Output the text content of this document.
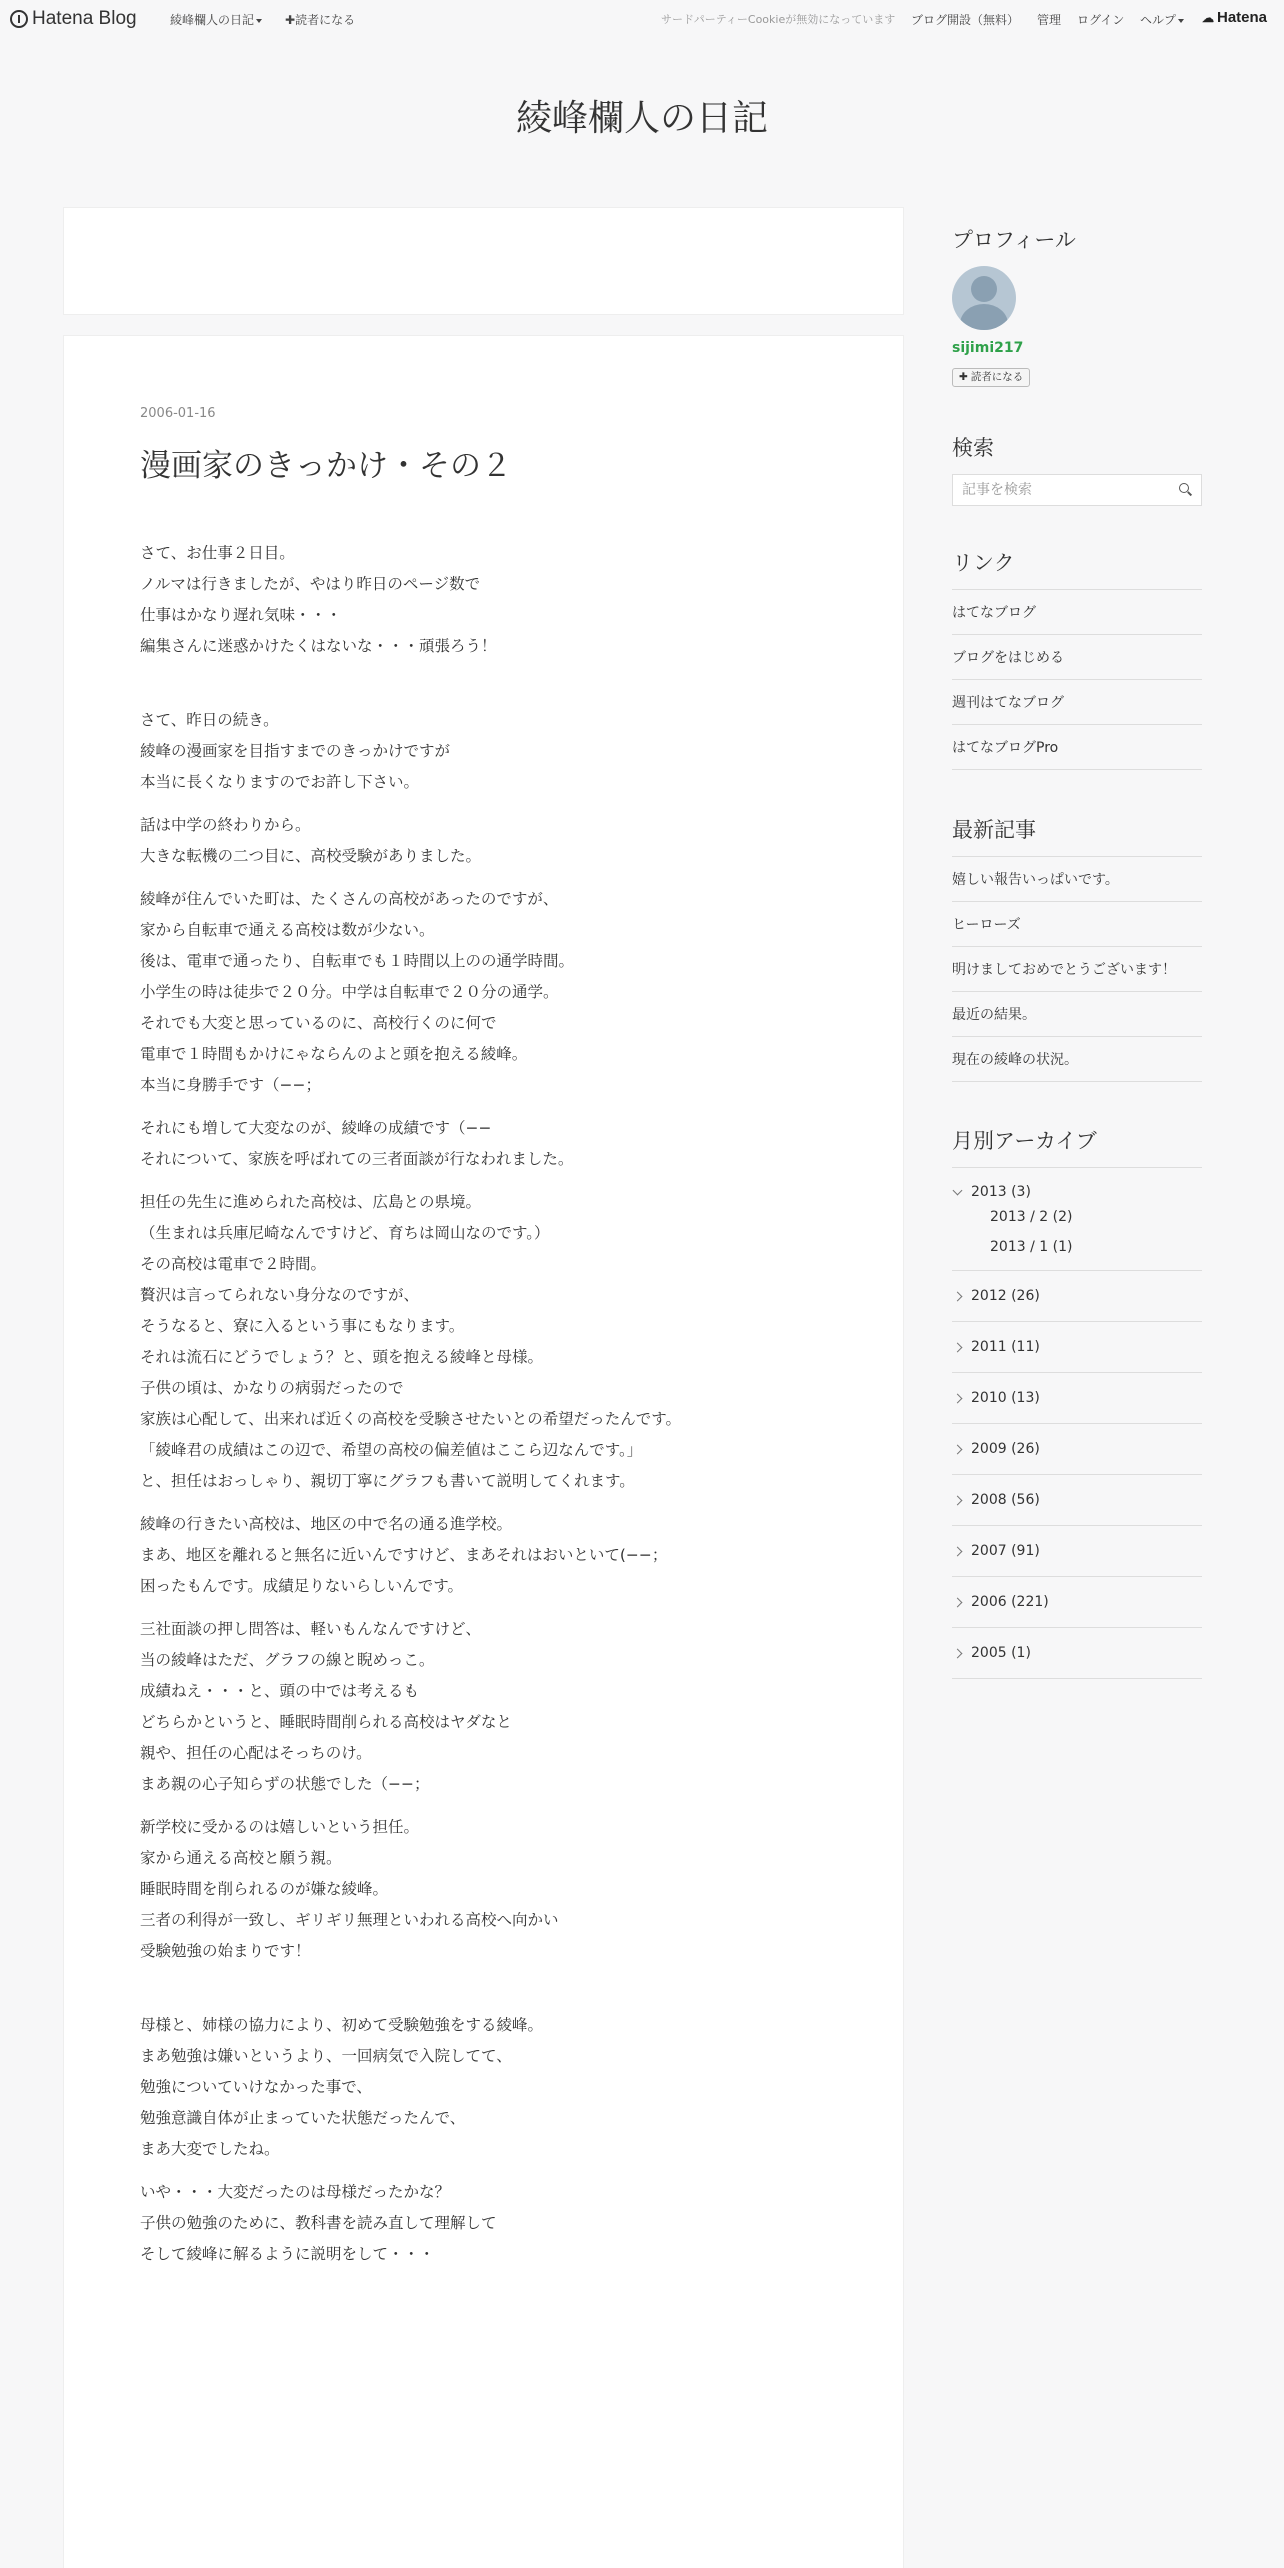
Hatena Blog	綾峰欄人の日記	✚読者になる	サードパーティーCookieが無効になっています ブログ開設（無料） 管理 ログイン ヘルプ	☁ Hatena
綾峰欄人の日記
2006-01-16
漫画家のきっかけ・その２
さて、お仕事２日目。
ノルマは行きましたが、やはり昨日のページ数で
仕事はかなり遅れ気味・・・
編集さんに迷惑かけたくはないな・・・頑張ろう！
さて、昨日の続き。
綾峰の漫画家を目指すまでのきっかけですが
本当に長くなりますのでお許し下さい。
話は中学の終わりから。
大きな転機の二つ目に、高校受験がありました。
綾峰が住んでいた町は、たくさんの高校があったのですが、
家から自転車で通える高校は数が少ない。
後は、電車で通ったり、自転車でも１時間以上のの通学時間。
小学生の時は徒歩で２０分。中学は自転車で２０分の通学。
それでも大変と思っているのに、高校行くのに何で
電車で１時間もかけにゃならんのよと頭を抱える綾峰。
本当に身勝手です（−−；
それにも増して大変なのが、綾峰の成績です（−−
それについて、家族を呼ばれての三者面談が行なわれました。
担任の先生に進められた高校は、広島との県境。
（生まれは兵庫尼崎なんですけど、育ちは岡山なのです。）
その高校は電車で２時間。
贅沢は言ってられない身分なのですが、
そうなると、寮に入るという事にもなります。
それは流石にどうでしょう？と、頭を抱える綾峰と母様。
子供の頃は、かなりの病弱だったので
家族は心配して、出来れば近くの高校を受験させたいとの希望だったんです。
「綾峰君の成績はこの辺で、希望の高校の偏差値はここら辺なんです。」
と、担任はおっしゃり、親切丁寧にグラフも書いて説明してくれます。
綾峰の行きたい高校は、地区の中で名の通る進学校。
まあ、地区を離れると無名に近いんですけど、まあそれはおいといて(−−；
困ったもんです。成績足りないらしいんです。
三社面談の押し問答は、軽いもんなんですけど、
当の綾峰はただ、グラフの線と睨めっこ。
成績ねえ・・・と、頭の中では考えるも
どちらかというと、睡眠時間削られる高校はヤダなと
親や、担任の心配はそっちのけ。
まあ親の心子知らずの状態でした（−−；
新学校に受かるのは嬉しいという担任。
家から通える高校と願う親。
睡眠時間を削られるのが嫌な綾峰。
三者の利得が一致し、ギリギリ無理といわれる高校へ向かい
受験勉強の始まりです！
母様と、姉様の協力により、初めて受験勉強をする綾峰。
まあ勉強は嫌いというより、一回病気で入院してて、
勉強についていけなかった事で、
勉強意識自体が止まっていた状態だったんで、
まあ大変でしたね。
いや・・・大変だったのは母様だったかな？
子供の勉強のために、教科書を読み直して理解して
そして綾峰に解るように説明をして・・・
プロフィール
sijimi217
✚ 読者になる
検索
記事を検索
リンク
はてなブログ
ブログをはじめる
週刊はてなブログ
はてなブログPro
最新記事
嬉しい報告いっぱいです。
ヒーローズ
明けましておめでとうございます！
最近の結果。
現在の綾峰の状況。
月別アーカイブ
2013 (3)
2013 / 2 (2)
2013 / 1 (1)
2012 (26)
2011 (11)
2010 (13)
2009 (26)
2008 (56)
2007 (91)
2006 (221)
2005 (1)
